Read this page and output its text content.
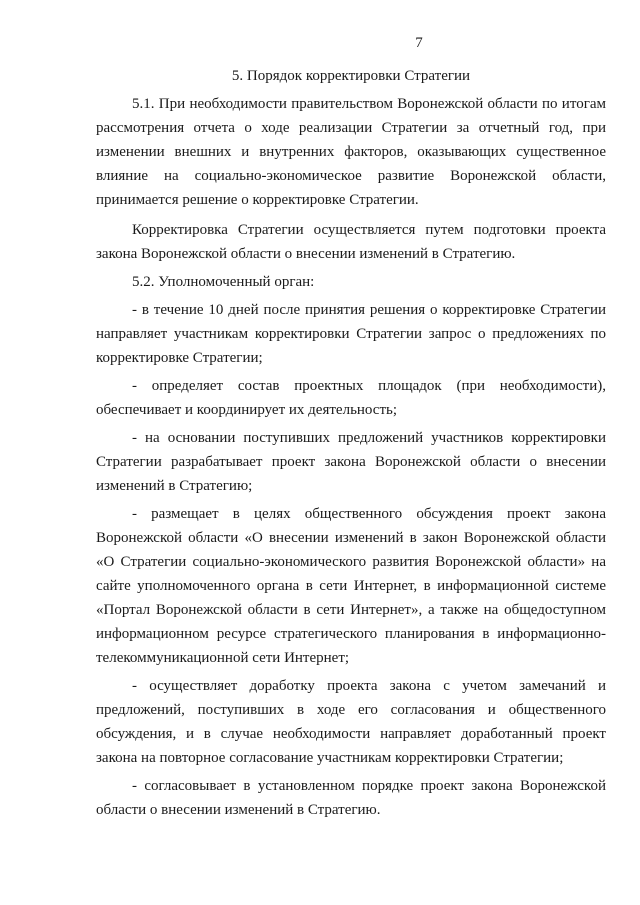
7
5. Порядок корректировки Стратегии

5.1. При необходимости правительством Воронежской области по итогам рассмотрения отчета о ходе реализации Стратегии за отчетный год, при изменении внешних и внутренних факторов, оказывающих существенное влияние на социально-экономическое развитие Воронежской области, принимается решение о корректировке Стратегии.

Корректировка Стратегии осуществляется путем подготовки проекта закона Воронежской области о внесении изменений в Стратегию.

5.2. Уполномоченный орган:

- в течение 10 дней после принятия решения о корректировке Стратегии направляет участникам корректировки Стратегии запрос о предложениях по корректировке Стратегии;

- определяет состав проектных площадок (при необходимости), обеспечивает и координирует их деятельность;

- на основании поступивших предложений участников корректировки Стратегии разрабатывает проект закона Воронежской области о внесении изменений в Стратегию;

- размещает в целях общественного обсуждения проект закона Воронежской области «О внесении изменений в закон Воронежской области «О Стратегии социально-экономического развития Воронежской области» на сайте уполномоченного органа в сети Интернет, в информационной системе «Портал Воронежской области в сети Интернет», а также на общедоступном информационном ресурсе стратегического планирования в информационно-телекоммуникационной сети Интернет;

- осуществляет доработку проекта закона с учетом замечаний и предложений, поступивших в ходе его согласования и общественного обсуждения, и в случае необходимости направляет доработанный проект закона на повторное согласование участникам корректировки Стратегии;

- согласовывает в установленном порядке проект закона Воронежской области о внесении изменений в Стратегию.
